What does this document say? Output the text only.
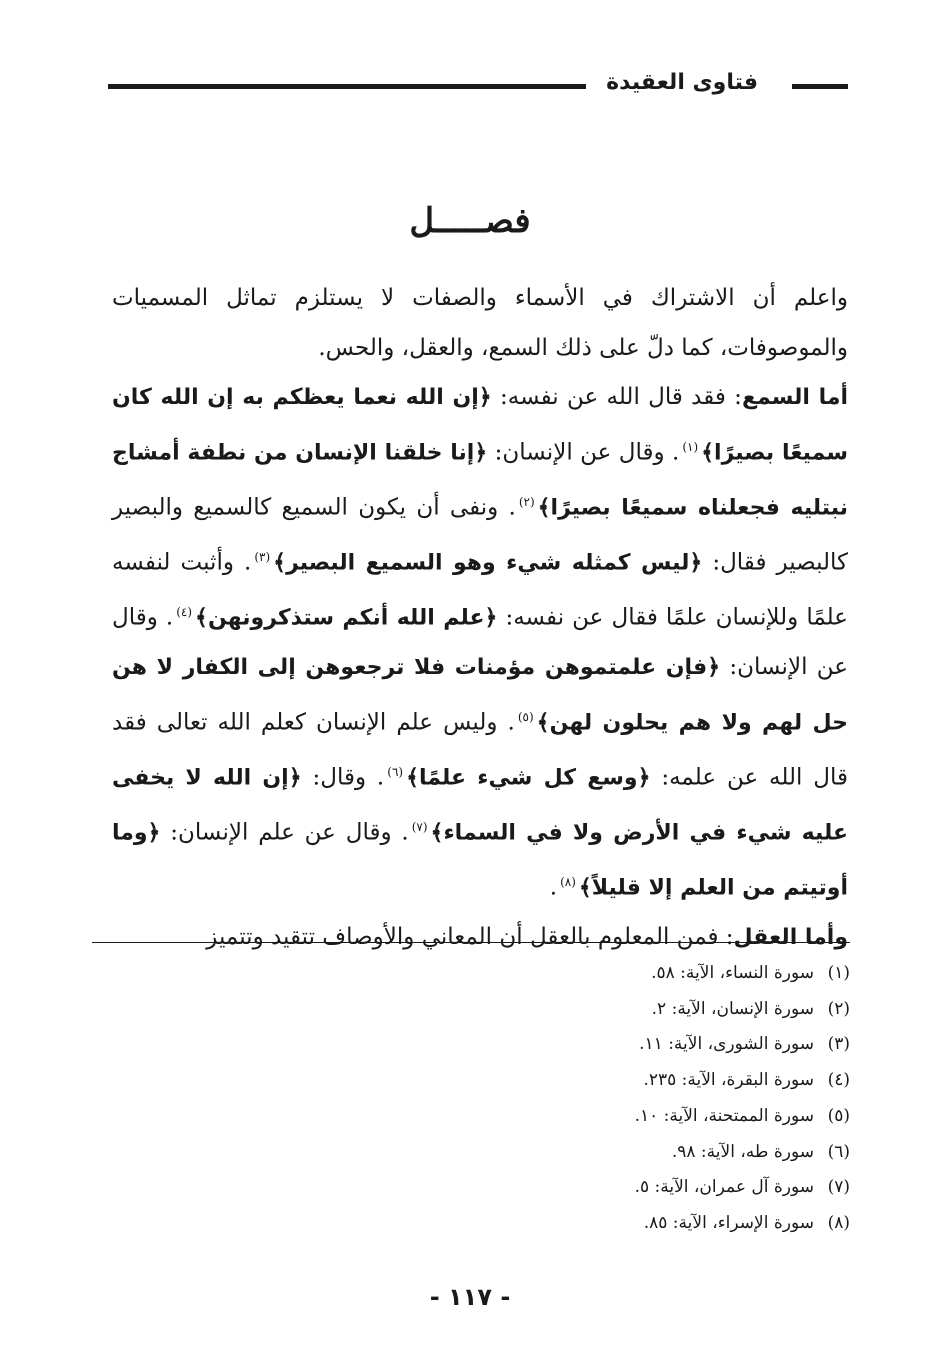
فتاوى العقيدة
فصـــــل

واعلم أن الاشتراك في الأسماء والصفات لا يستلزم تماثل المسميات والموصوفات، كما دلّ على ذلك السمع، والعقل، والحس.

أما السمع: فقد قال الله عن نفسه: ﴿إن الله نعما يعظكم به إن الله كان سميعًا بصيرًا﴾$^{(١)}$. وقال عن الإنسان: ﴿إنا خلقنا الإنسان من نطفة أمشاج نبتليه فجعلناه سميعًا بصيرًا﴾$^{(٢)}$. ونفى أن يكون السميع كالسميع والبصير كالبصير فقال: ﴿ليس كمثله شيء وهو السميع البصير﴾$^{(٣)}$. وأثبت لنفسه علمًا وللإنسان علمًا فقال عن نفسه: ﴿علم الله أنكم ستذكرونهن﴾$^{(٤)}$. وقال عن الإنسان: ﴿فإن علمتموهن مؤمنات فلا ترجعوهن إلى الكفار لا هن حل لهم ولا هم يحلون لهن﴾$^{(٥)}$. وليس علم الإنسان كعلم الله تعالى فقد قال الله عن علمه: ﴿وسع كل شيء علمًا﴾$^{(٦)}$. وقال: ﴿إن الله لا يخفى عليه شيء في الأرض ولا في السماء﴾$^{(٧)}$. وقال عن علم الإنسان: ﴿وما أوتيتم من العلم إلا قليلاً﴾$^{(٨)}$.

وأما العقل: فمن المعلوم بالعقل أن المعاني والأوصاف تتقيد وتتميز

(١)سورة النساء، الآية: ٥٨.
(٢)سورة الإنسان، الآية: ٢.
(٣)سورة الشورى، الآية: ١١.
(٤)سورة البقرة، الآية: ٢٣٥.
(٥)سورة الممتحنة، الآية: ١٠.
(٦)سورة طه، الآية: ٩٨.
(٧)سورة آل عمران، الآية: ٥.
(٨)سورة الإسراء، الآية: ٨٥.
- ١١٧ -
